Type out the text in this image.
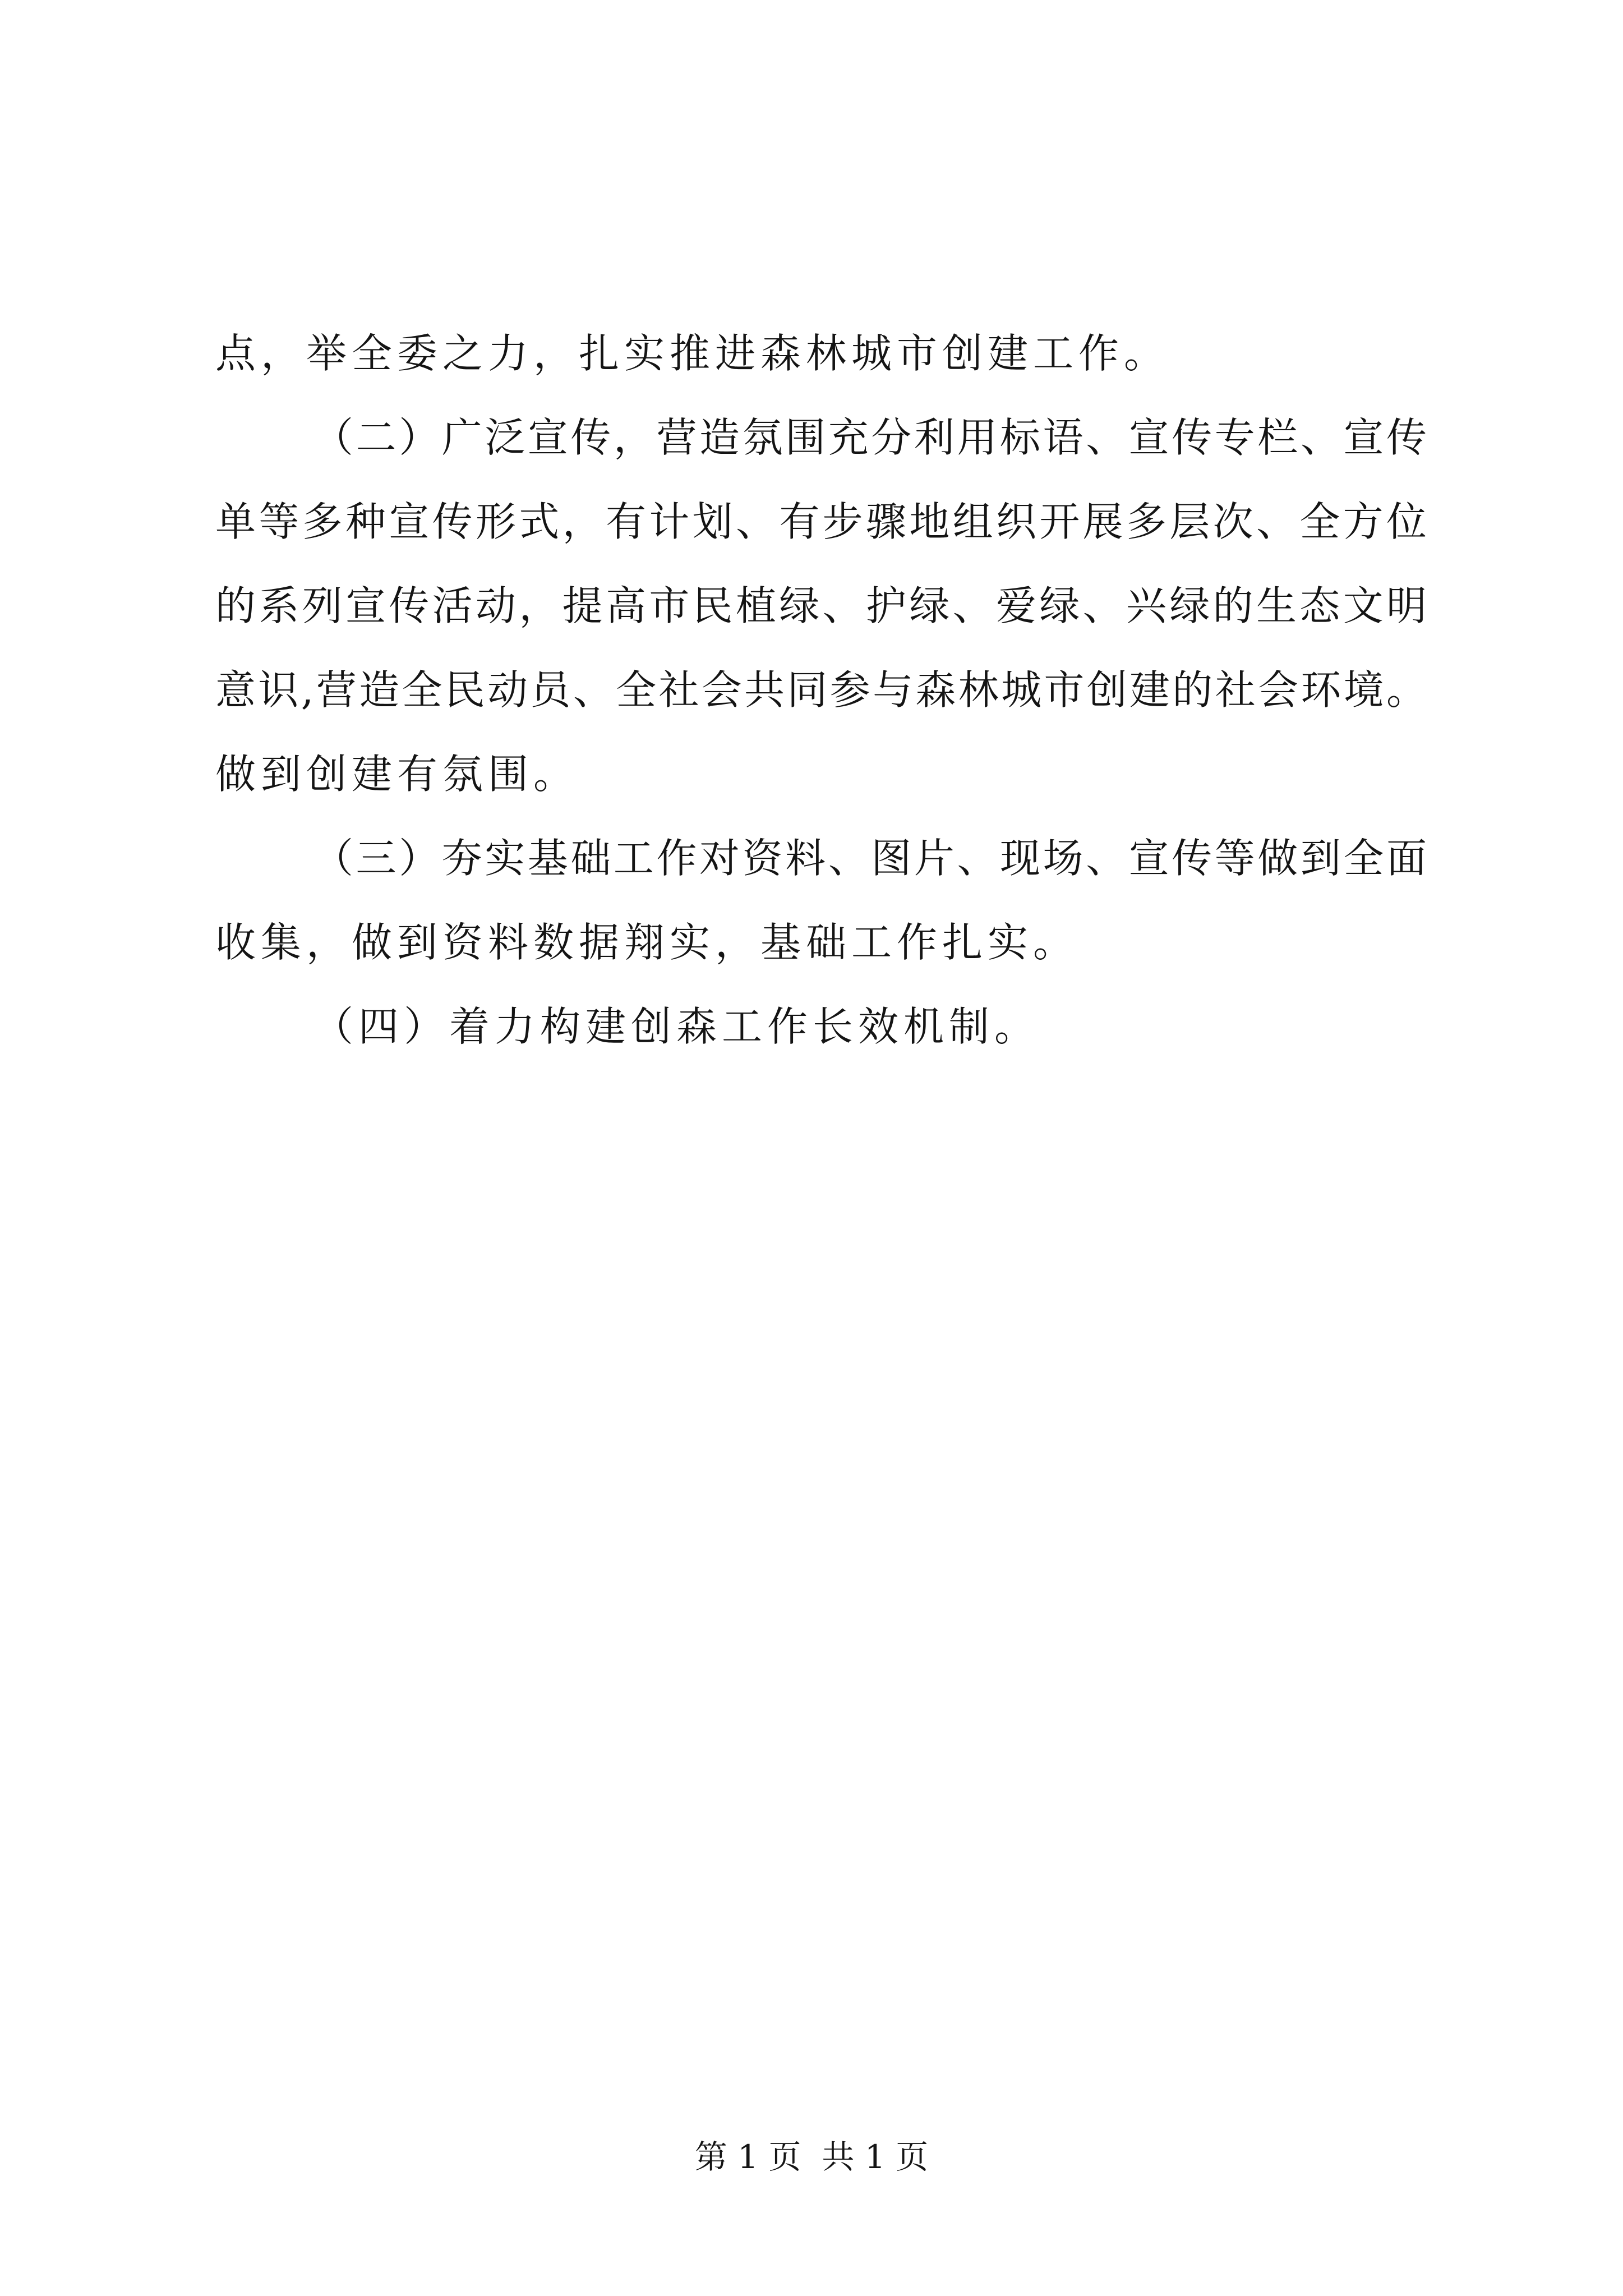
点，举全委之力，扎实推进森林城市创建工作。
（二）广泛宣传，营造氛围充分利用标语、宣传专栏、宣传
单等多种宣传形式，有计划、有步骤地组织开展多层次、全方位
的系列宣传活动，提高市民植绿、护绿、爱绿、兴绿的生态文明
意识,营造全民动员、全社会共同参与森林城市创建的社会环境。
做到创建有氛围。
（三）夯实基础工作对资料、图片、现场、宣传等做到全面
收集，做到资料数据翔实，基础工作扎实。
（四）着力构建创森工作长效机制。
第 1 页  共 1 页
